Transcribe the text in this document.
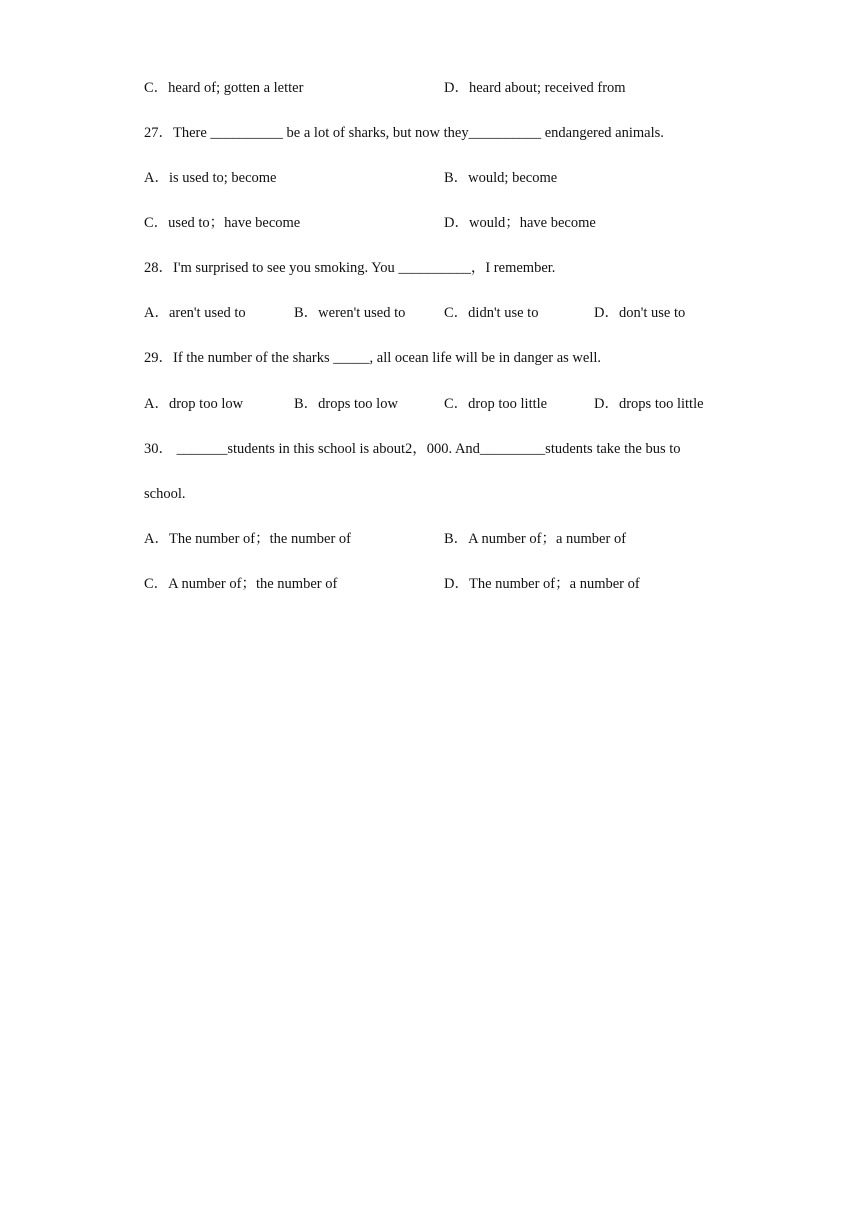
C．heard of; gotten a letter	D．heard about; received from
27．There __________ be a lot of sharks, but now they__________ endangered animals.
A．is used to; become	B．would; become
C．used to；have become	D．would；have become
28．I'm surprised to see you smoking. You __________，I remember.
A．aren't used to	B．weren't used to	C．didn't use to	D．don't use to
29．If the number of the sharks _____, all ocean life will be in danger as well.
A．drop too low	B．drops too low	C．drop too little	D．drops too little
30． _______students in this school is about2，000. And_________students take the bus to
school.
A．The number of；the number of	B．A number of；a number of
C．A number of；the number of	D．The number of；a number of
